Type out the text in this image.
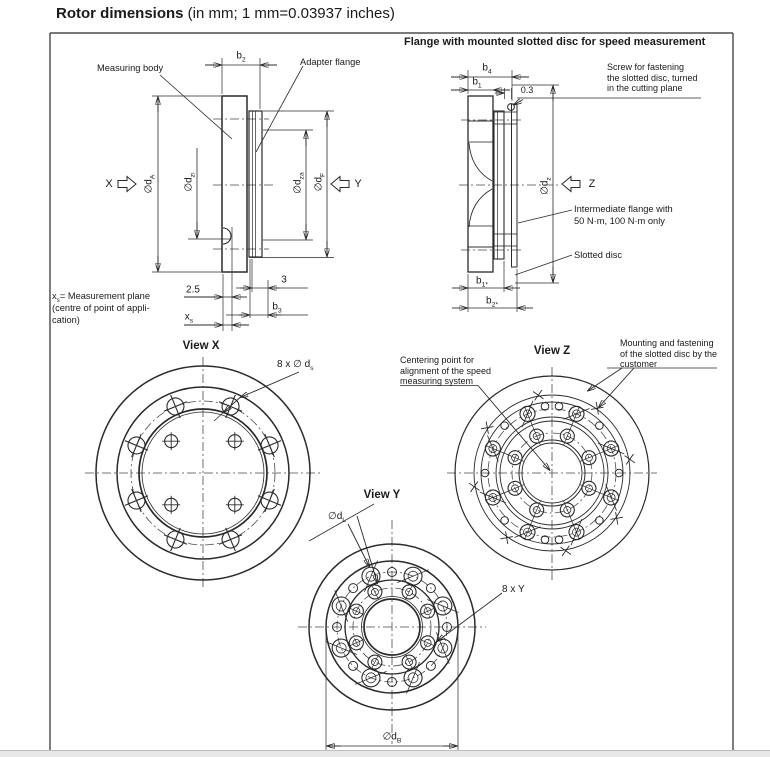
Rotor dimensions (in mm; 1 mm=0.03937 inches)
Measuring body
Adapter flange
$b_2$
$\emptyset d_A$
$\emptyset d_{zi}$
$\emptyset d_{za}$
$\emptyset d_F$
X	Y
2.5
3
$x_s$
$b_3$
$x_s=$ Measurement plane
(centre of point of appli-
cation)
Flange with mounted slotted disc for speed measurement
$b_4$
$b_1$	0.3
Screw for fastening
the slotted disc, turned
in the cutting plane
$\emptyset d_z$	Z
Intermediate flange with
50 N·m, 100 N·m only
Slotted disc
$b_{1*}$
$b_{2*}$
View X
8 x ∅ $d_s$
View Z
Centering point for
alignment of the speed
measuring system
Mounting and fastening
of the slotted disc by the
customer
View Y
$\emptyset d_L$
8 x Y
$\emptyset d_B$
